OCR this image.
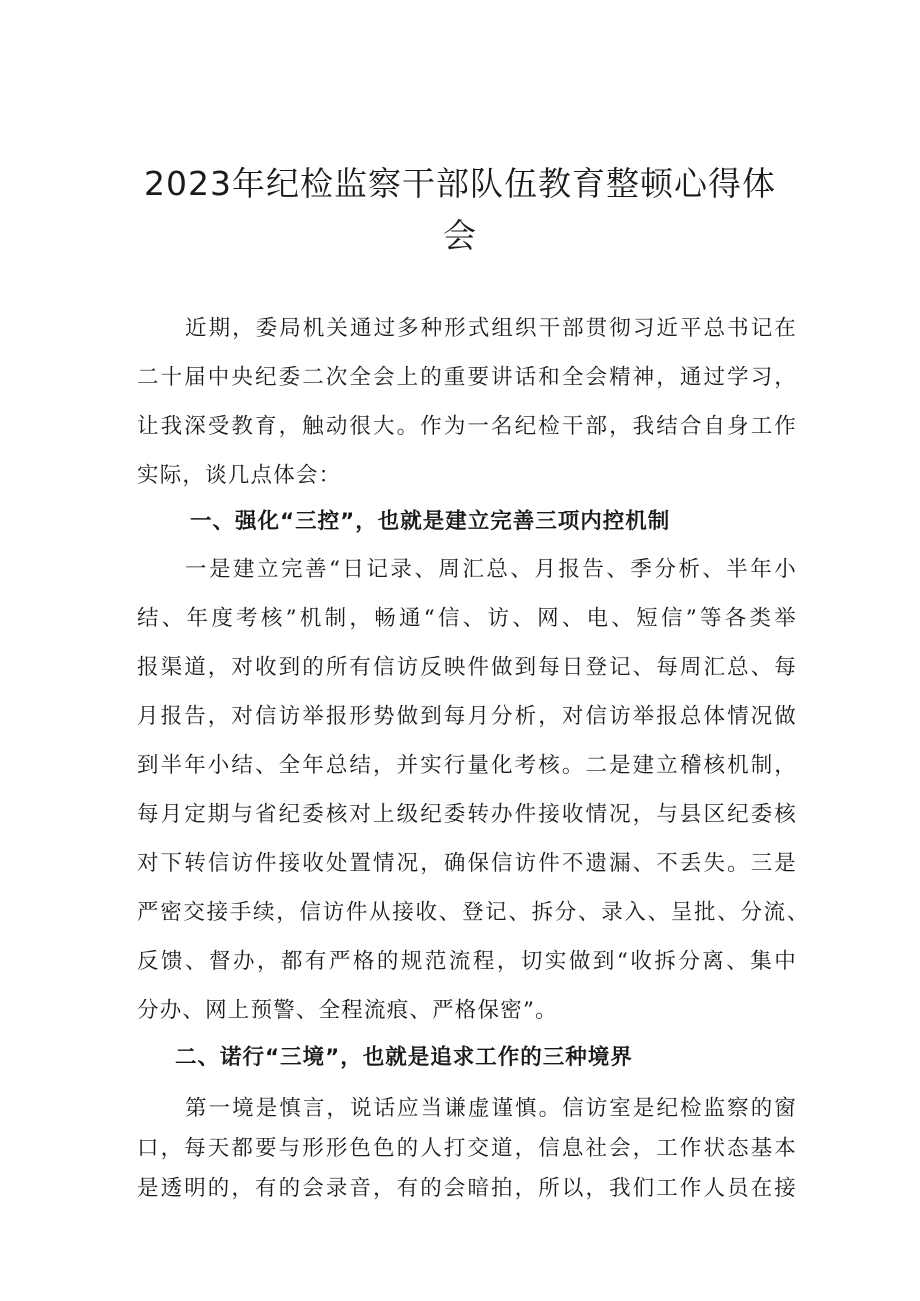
2023年纪检监察干部队伍教育整顿心得体
会
近期，委局机关通过多种形式组织干部贯彻习近平总书记在
二十届中央纪委二次全会上的重要讲话和全会精神，通过学习，
让我深受教育，触动很大。作为一名纪检干部，我结合自身工作
实际，谈几点体会：
一、强化“三控”，也就是建立完善三项内控机制
一是建立完善“日记录、周汇总、月报告、季分析、半年小
结、年度考核”机制，畅通“信、访、网、电、短信”等各类举
报渠道，对收到的所有信访反映件做到每日登记、每周汇总、每
月报告，对信访举报形势做到每月分析，对信访举报总体情况做
到半年小结、全年总结，并实行量化考核。二是建立稽核机制，
每月定期与省纪委核对上级纪委转办件接收情况，与县区纪委核
对下转信访件接收处置情况，确保信访件不遗漏、不丢失。三是
严密交接手续，信访件从接收、登记、拆分、录入、呈批、分流、
反馈、督办，都有严格的规范流程，切实做到“收拆分离、集中
分办、网上预警、全程流痕、严格保密”。
二、诺行“三境”，也就是追求工作的三种境界
第一境是慎言，说话应当谦虚谨慎。信访室是纪检监察的窗
口，每天都要与形形色色的人打交道，信息社会，工作状态基本
是透明的，有的会录音，有的会暗拍，所以，我们工作人员在接
